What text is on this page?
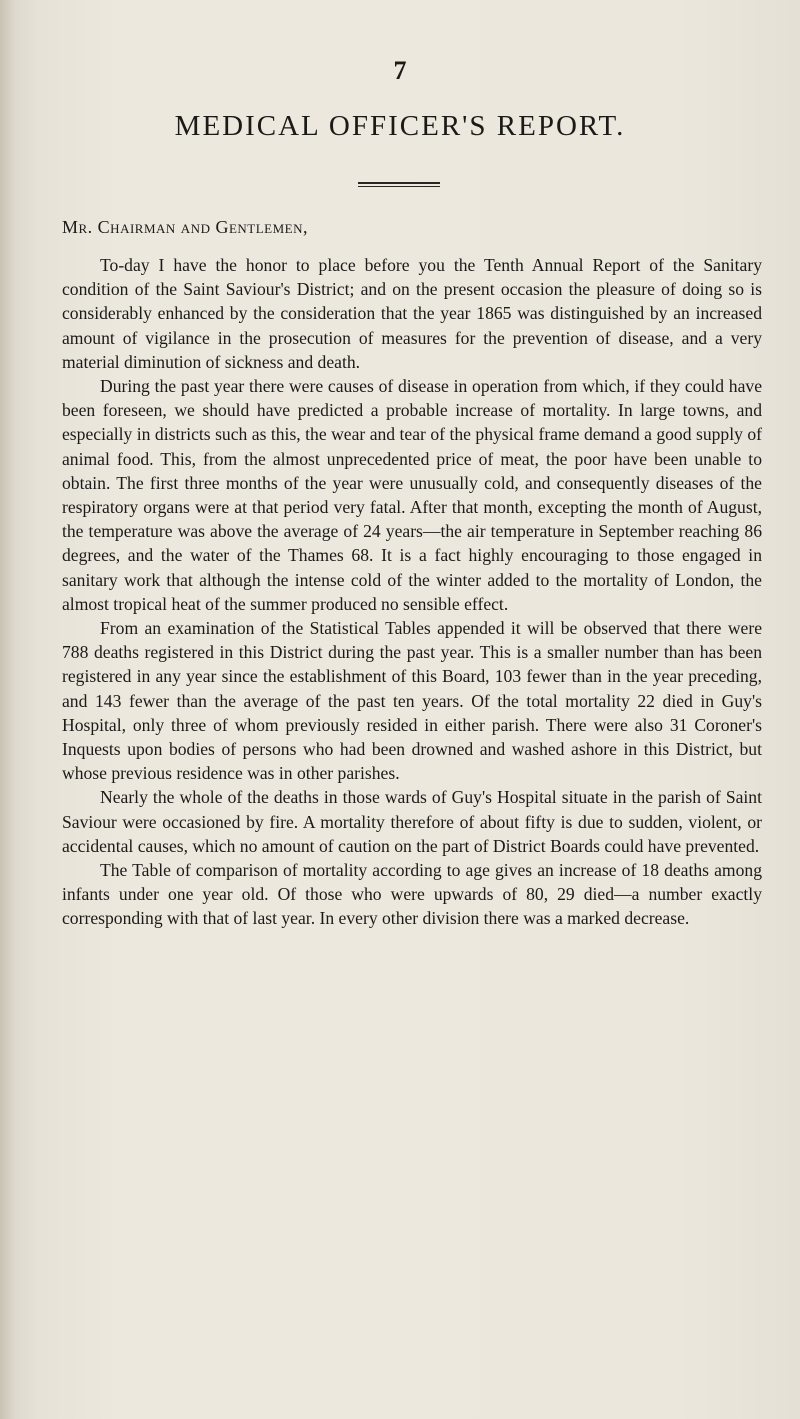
7
MEDICAL OFFICER'S REPORT.
Mr. Chairman and Gentlemen,

To-day I have the honor to place before you the Tenth Annual Report of the Sanitary condition of the Saint Saviour's District; and on the present occasion the pleasure of doing so is considerably enhanced by the consideration that the year 1865 was distinguished by an increased amount of vigilance in the prosecution of measures for the prevention of disease, and a very material diminution of sickness and death.

During the past year there were causes of disease in operation from which, if they could have been foreseen, we should have predicted a probable increase of mortality. In large towns, and especially in districts such as this, the wear and tear of the physical frame demand a good supply of animal food. This, from the almost unprecedented price of meat, the poor have been unable to obtain. The first three months of the year were unusually cold, and consequently diseases of the respiratory organs were at that period very fatal. After that month, excepting the month of August, the temperature was above the average of 24 years—the air temperature in September reaching 86 degrees, and the water of the Thames 68. It is a fact highly encouraging to those engaged in sanitary work that although the intense cold of the winter added to the mortality of London, the almost tropical heat of the summer produced no sensible effect.

From an examination of the Statistical Tables appended it will be observed that there were 788 deaths registered in this District during the past year. This is a smaller number than has been registered in any year since the establishment of this Board, 103 fewer than in the year preceding, and 143 fewer than the average of the past ten years. Of the total mortality 22 died in Guy's Hospital, only three of whom previously resided in either parish. There were also 31 Coroner's Inquests upon bodies of persons who had been drowned and washed ashore in this District, but whose previous residence was in other parishes.

Nearly the whole of the deaths in those wards of Guy's Hospital situate in the parish of Saint Saviour were occasioned by fire. A mortality therefore of about fifty is due to sudden, violent, or accidental causes, which no amount of caution on the part of District Boards could have prevented.

The Table of comparison of mortality according to age gives an increase of 18 deaths among infants under one year old. Of those who were upwards of 80, 29 died—a number exactly corresponding with that of last year. In every other division there was a marked decrease.
